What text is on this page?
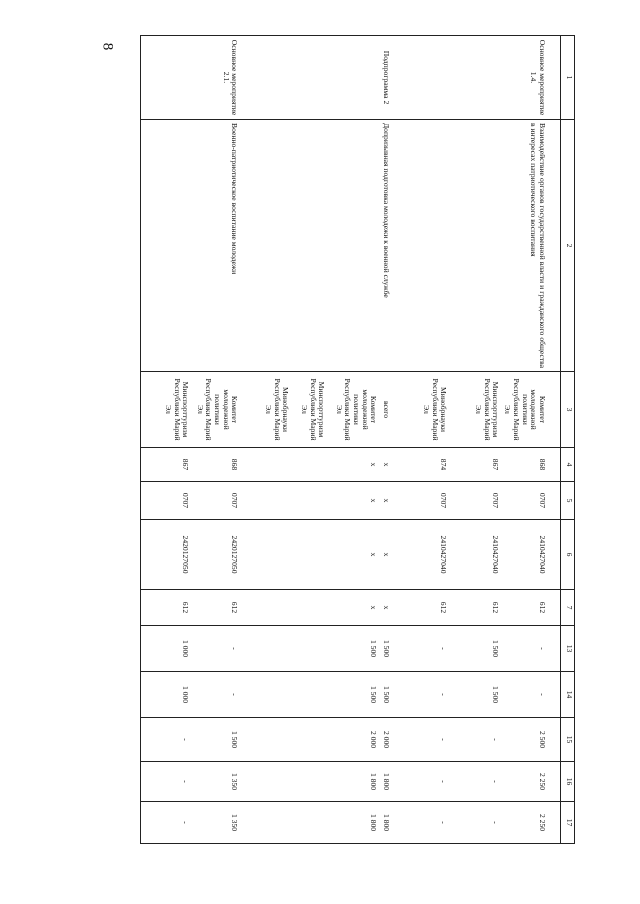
8
1	2	3	4	5	6	7	13	14	15	16	17
Основное мероприятие 1.4.	Взаимодействие органов государственной власти и гражданского общества в интересах патриотического воспитания	Комитет молодежной политики Республики Марий Эл	868	0707	2410427040	612	-	-	2 500	2 250	2 250
		Минспорттуризм Республики Марий Эл	867	0707	2410427040	612	1 500	1 500	-	-	-
		Минобрнауки Республики Марий Эл	874	0707	2410427040	612	-	-	-	-	-
Подпрограмма 2	Допризывная подготовка молодежи к военной службе	всего	х	х	х	х	1 500	1 500	2 000	1 800	1 800
		Комитет молодежной политики Республики Марий Эл	х	х	х	х	1 500	1 500	2 000	1 800	1 800
		Минспорттуризм Республики Марий Эл									
		Минобрнауки Республики Марий Эл									
Основное мероприятие 2.1.	Военно-патриотическое воспитание молодежи	Комитет молодежной политики Республики Марий Эл	868	0707	2420127050	612	-	-	1 500	1 350	1 350
		Минспорттуризм Республики Марий Эл	867	0707	2420127050	612	1 000	1 000	-	-	-
